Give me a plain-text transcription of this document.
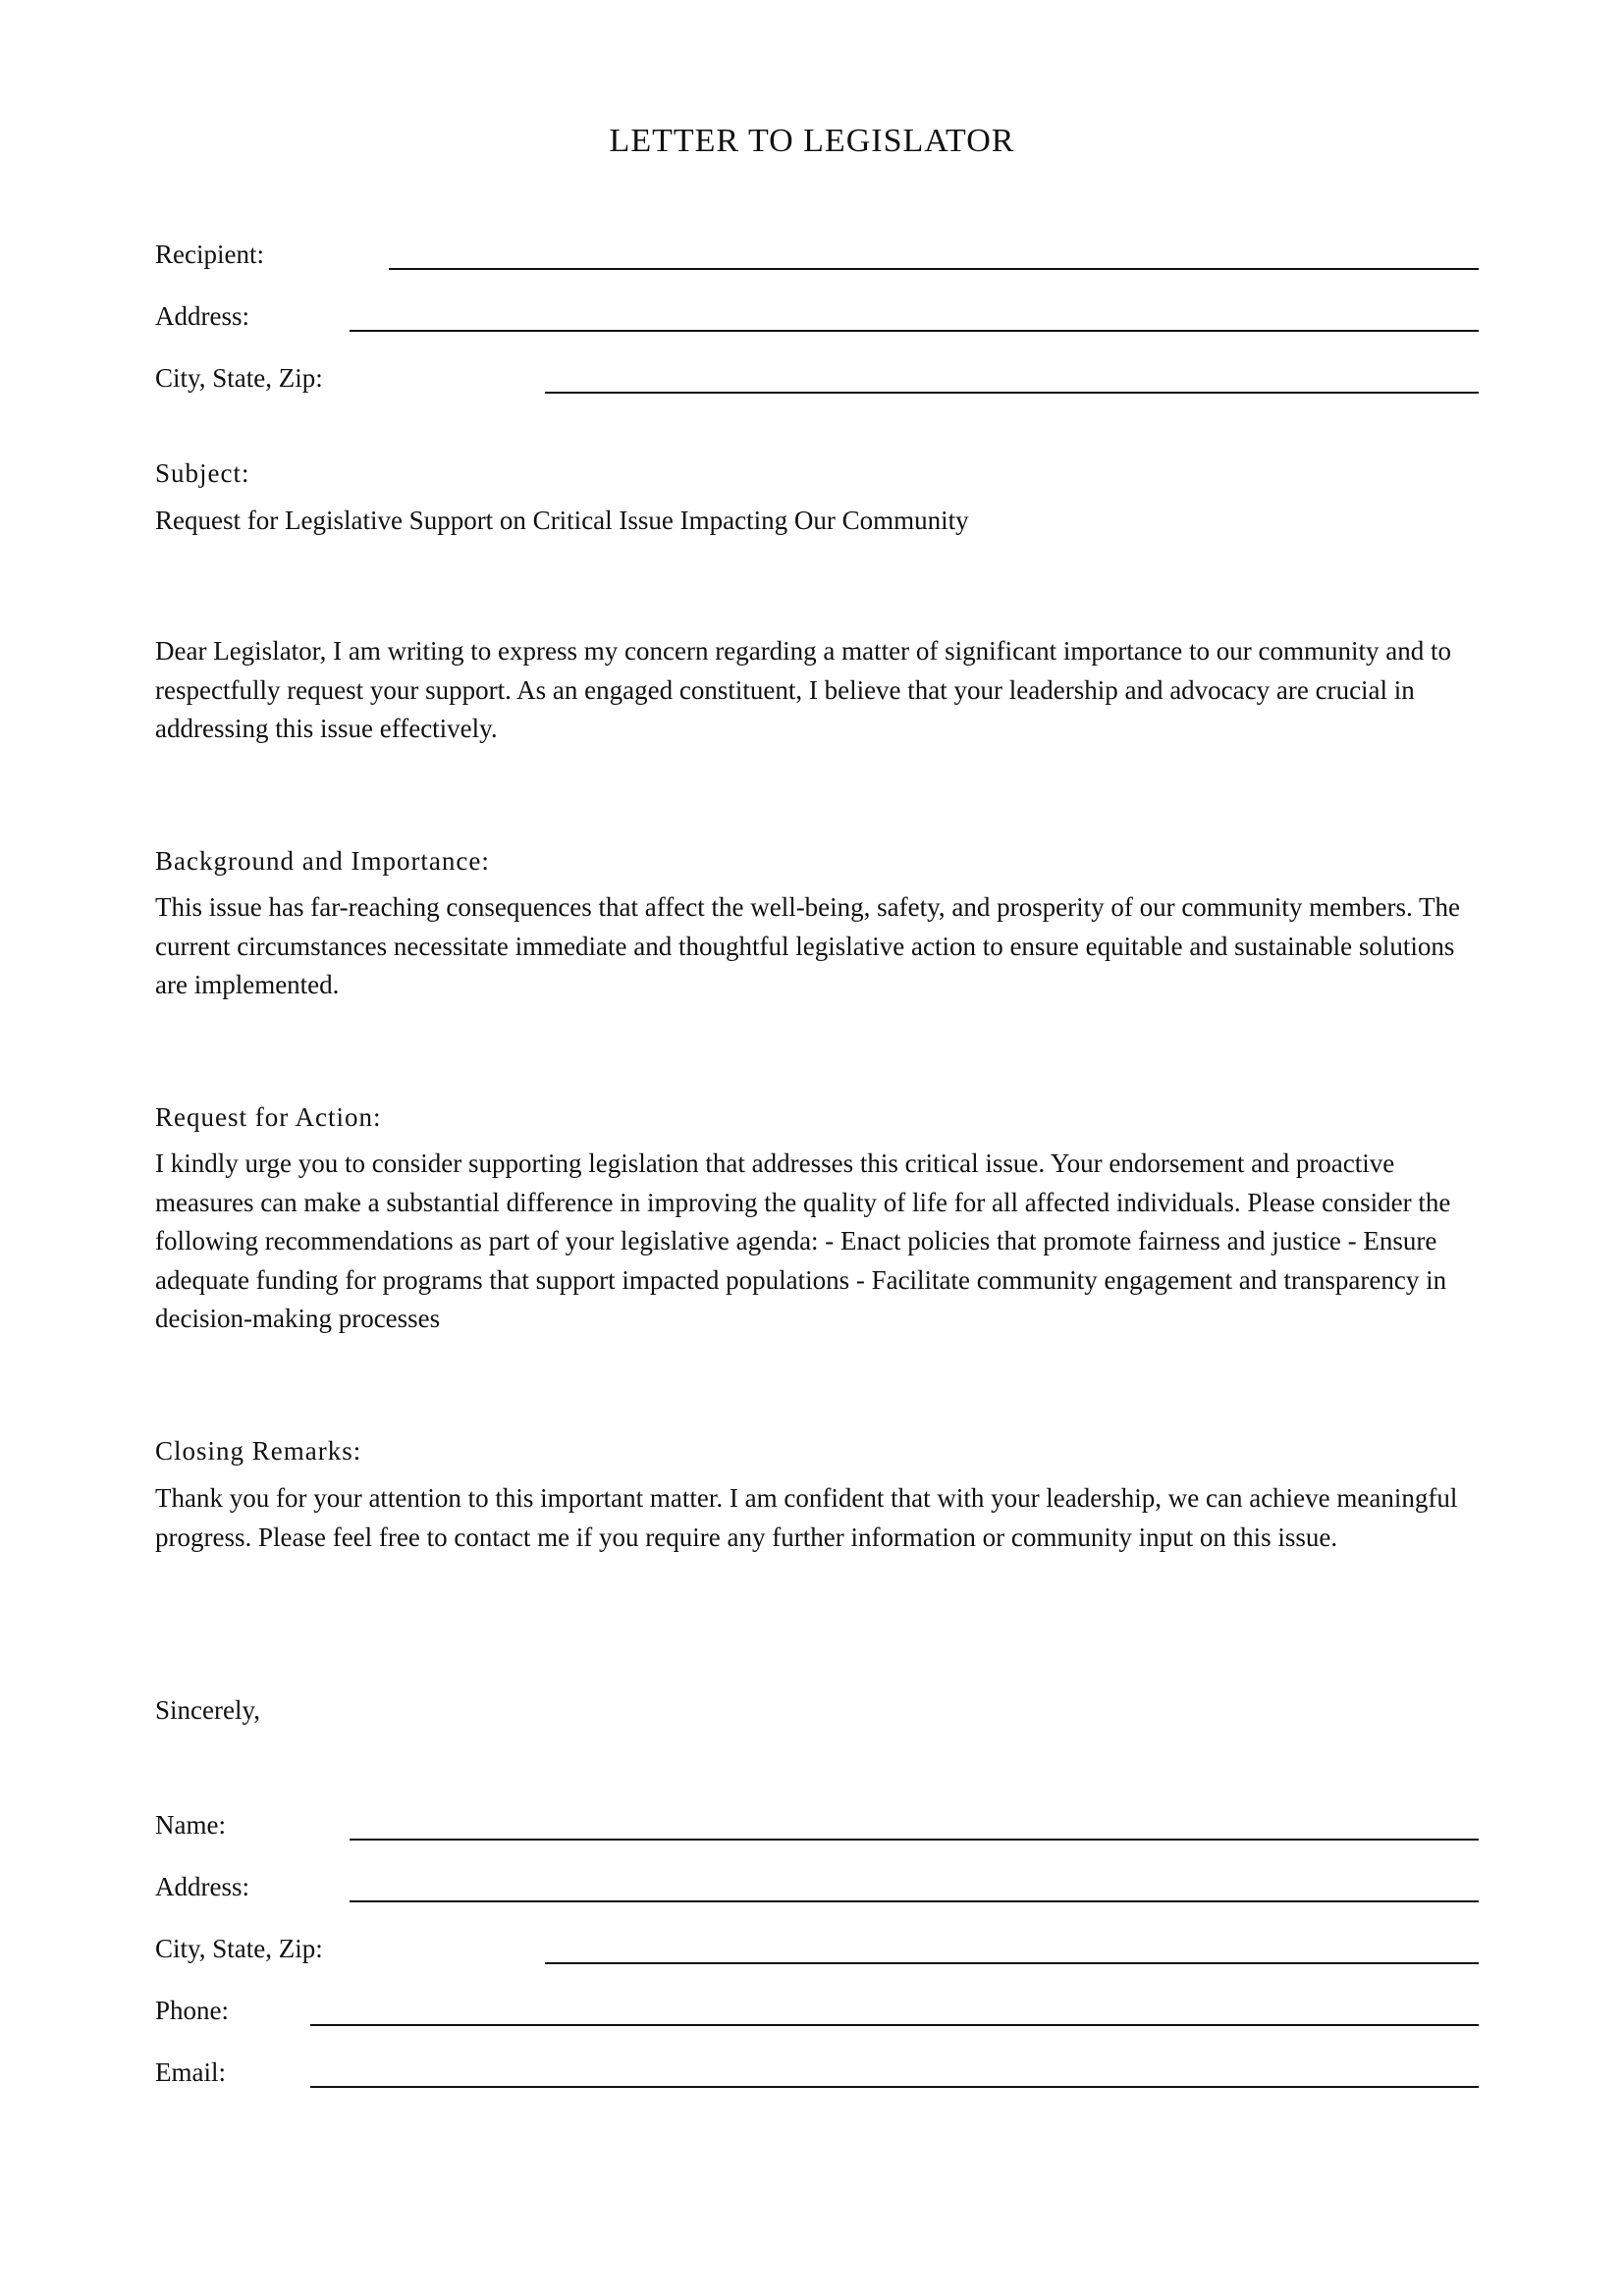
LETTER TO LEGISLATOR
Recipient:
Address:
City, State, Zip:
Subject:

Request for Legislative Support on Critical Issue Impacting Our Community

Dear Legislator, I am writing to express my concern regarding a matter of significant importance to our community and to respectfully request your support. As an engaged constituent, I believe that your leadership and advocacy are crucial in addressing this issue effectively.

Background and Importance:

This issue has far-reaching consequences that affect the well-being, safety, and prosperity of our community members. The current circumstances necessitate immediate and thoughtful legislative action to ensure equitable and sustainable solutions are implemented.

Request for Action:

I kindly urge you to consider supporting legislation that addresses this critical issue. Your endorsement and proactive measures can make a substantial difference in improving the quality of life for all affected individuals. Please consider the following recommendations as part of your legislative agenda: - Enact policies that promote fairness and justice - Ensure adequate funding for programs that support impacted populations - Facilitate community engagement and transparency in decision-making processes

Closing Remarks:

Thank you for your attention to this important matter. I am confident that with your leadership, we can achieve meaningful progress. Please feel free to contact me if you require any further information or community input on this issue.

Sincerely,
Name:
Address:
City, State, Zip:
Phone:
Email:
